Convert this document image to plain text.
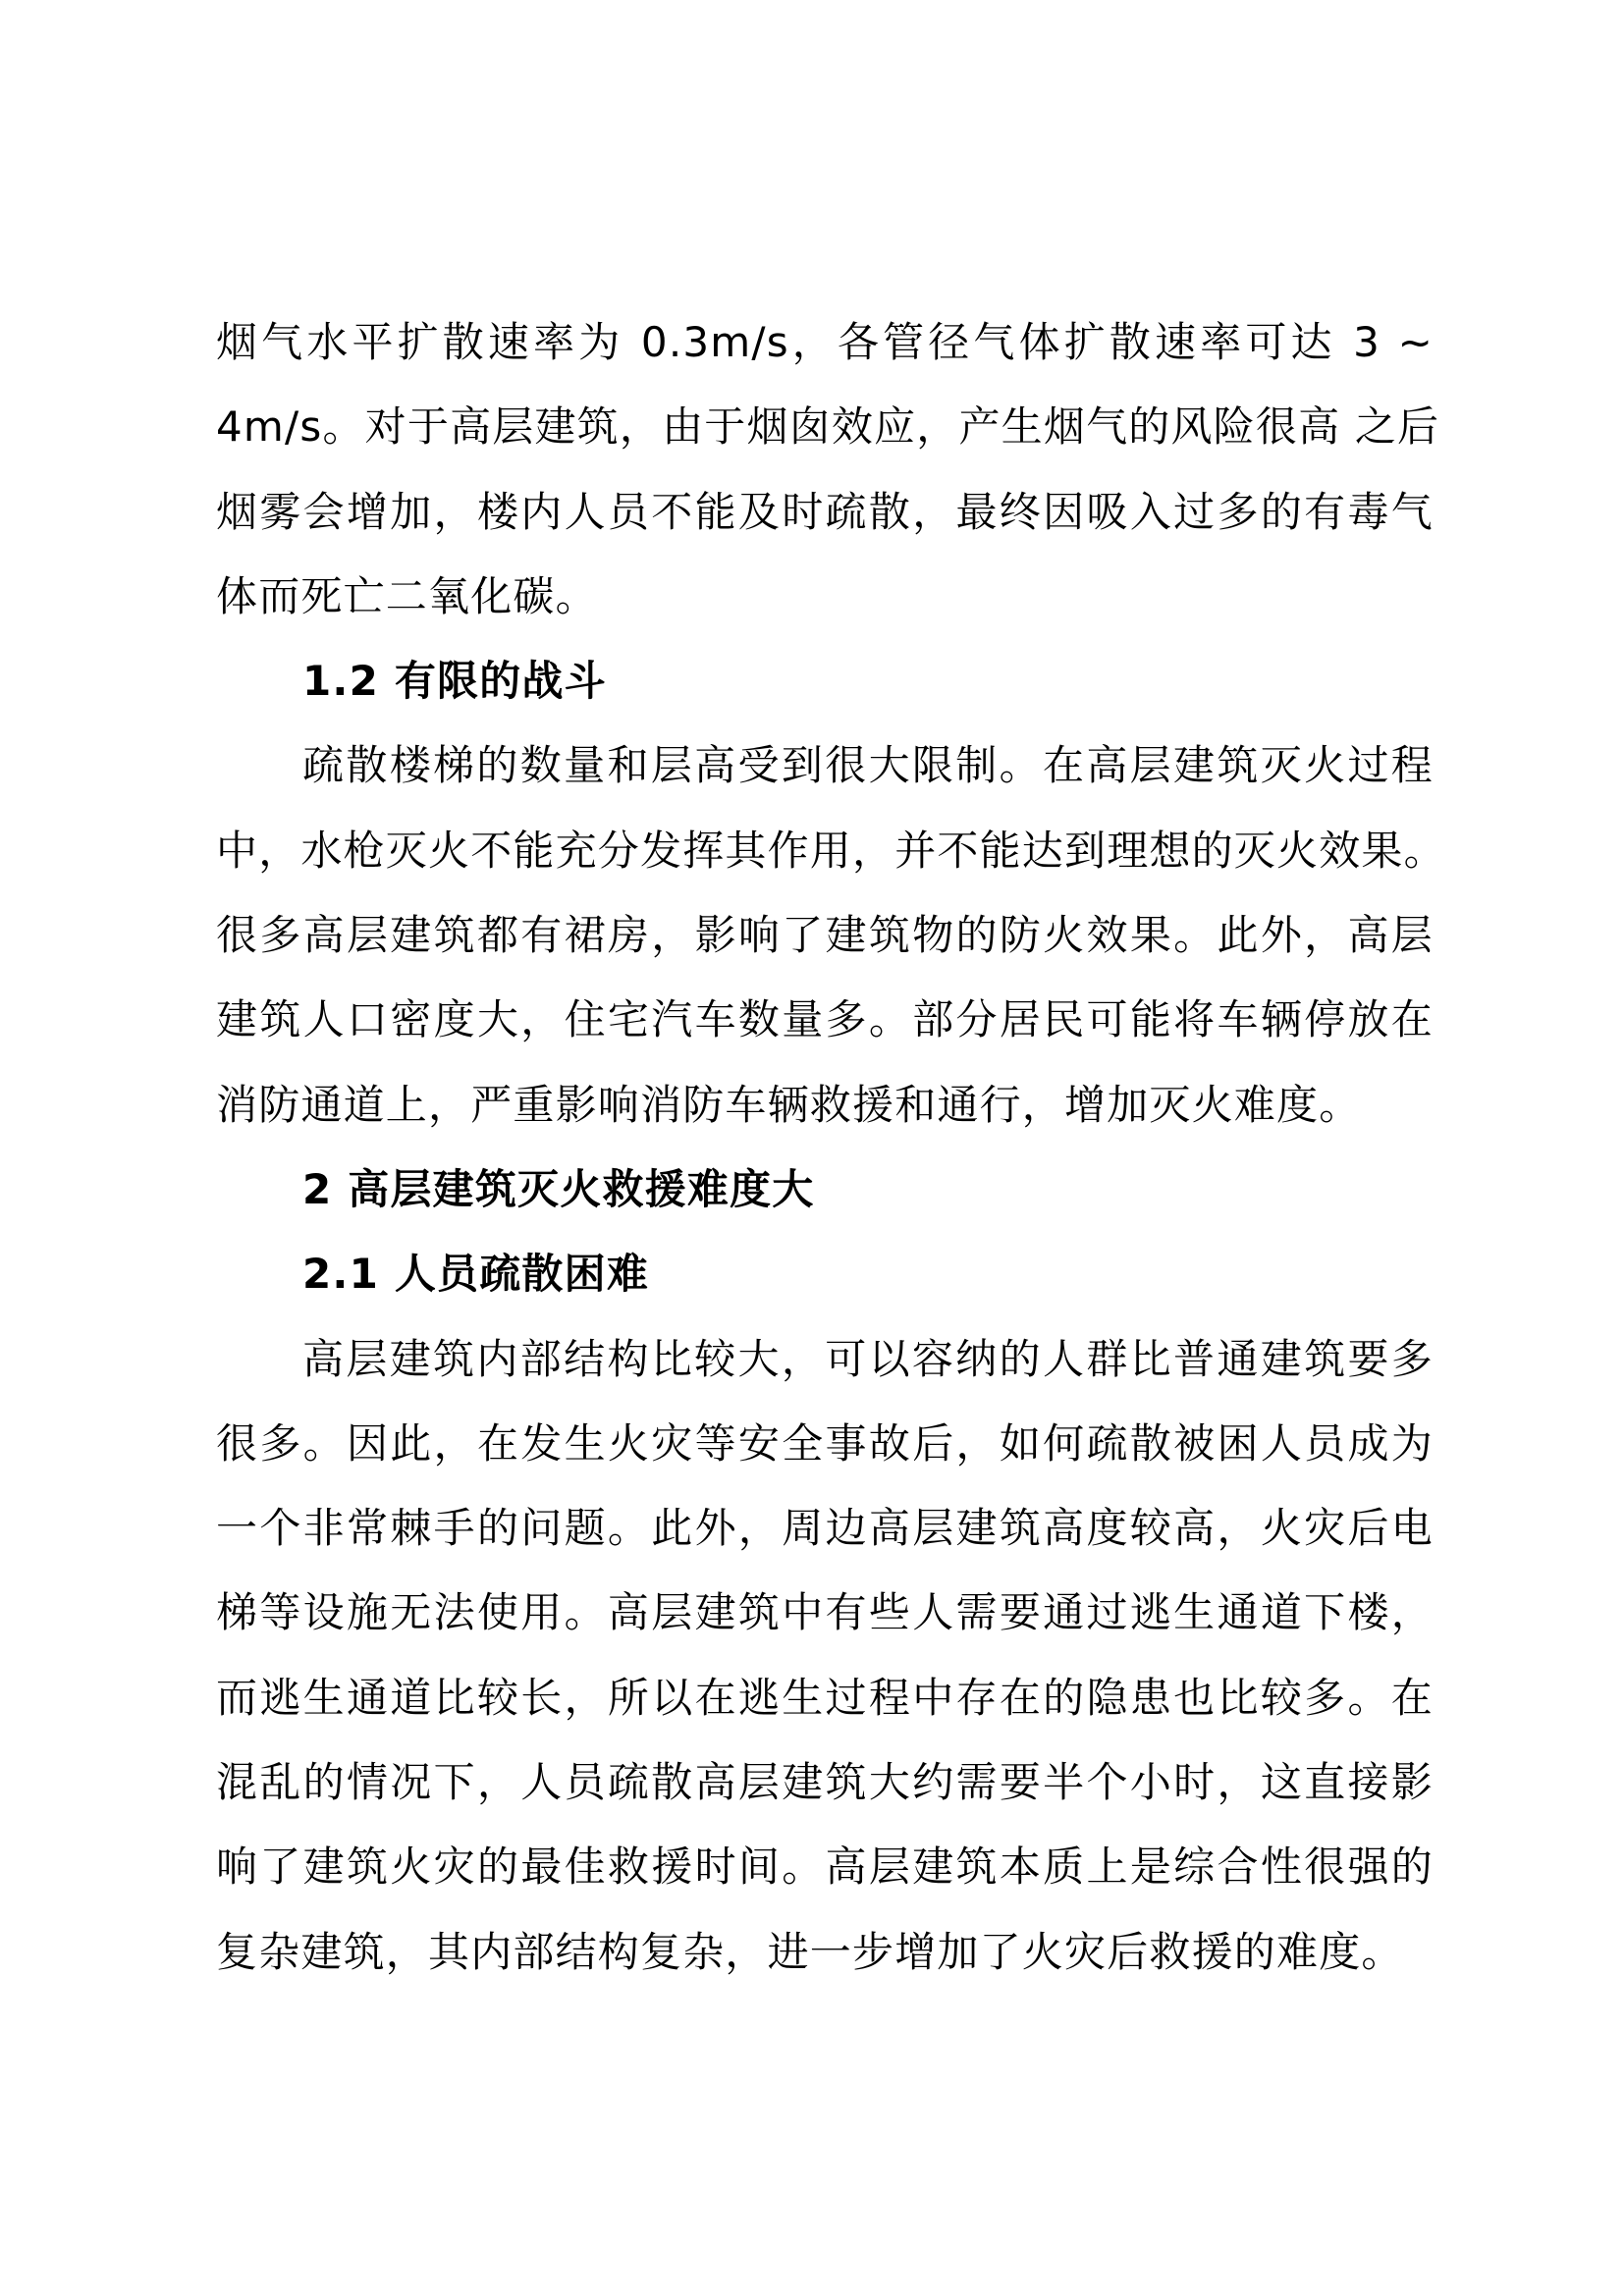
烟气水平扩散速率为 0.3m/s，各管径气体扩散速率可达 3 ~
4m/s。对于高层建筑，由于烟囱效应，产生烟气的风险很高 之后
烟雾会增加，楼内人员不能及时疏散，最终因吸入过多的有毒气
体而死亡二氧化碳。
1.2 有限的战斗
疏散楼梯的数量和层高受到很大限制。在高层建筑灭火过程
中，水枪灭火不能充分发挥其作用，并不能达到理想的灭火效果。
很多高层建筑都有裙房，影响了建筑物的防火效果。此外，高层
建筑人口密度大，住宅汽车数量多。部分居民可能将车辆停放在
消防通道上，严重影响消防车辆救援和通行，增加灭火难度。
2 高层建筑灭火救援难度大
2.1 人员疏散困难
高层建筑内部结构比较大，可以容纳的人群比普通建筑要多
很多。因此，在发生火灾等安全事故后，如何疏散被困人员成为
一个非常棘手的问题。此外，周边高层建筑高度较高，火灾后电
梯等设施无法使用。高层建筑中有些人需要通过逃生通道下楼，
而逃生通道比较长，所以在逃生过程中存在的隐患也比较多。在
混乱的情况下，人员疏散高层建筑大约需要半个小时，这直接影
响了建筑火灾的最佳救援时间。高层建筑本质上是综合性很强的
复杂建筑，其内部结构复杂，进一步增加了火灾后救援的难度。
